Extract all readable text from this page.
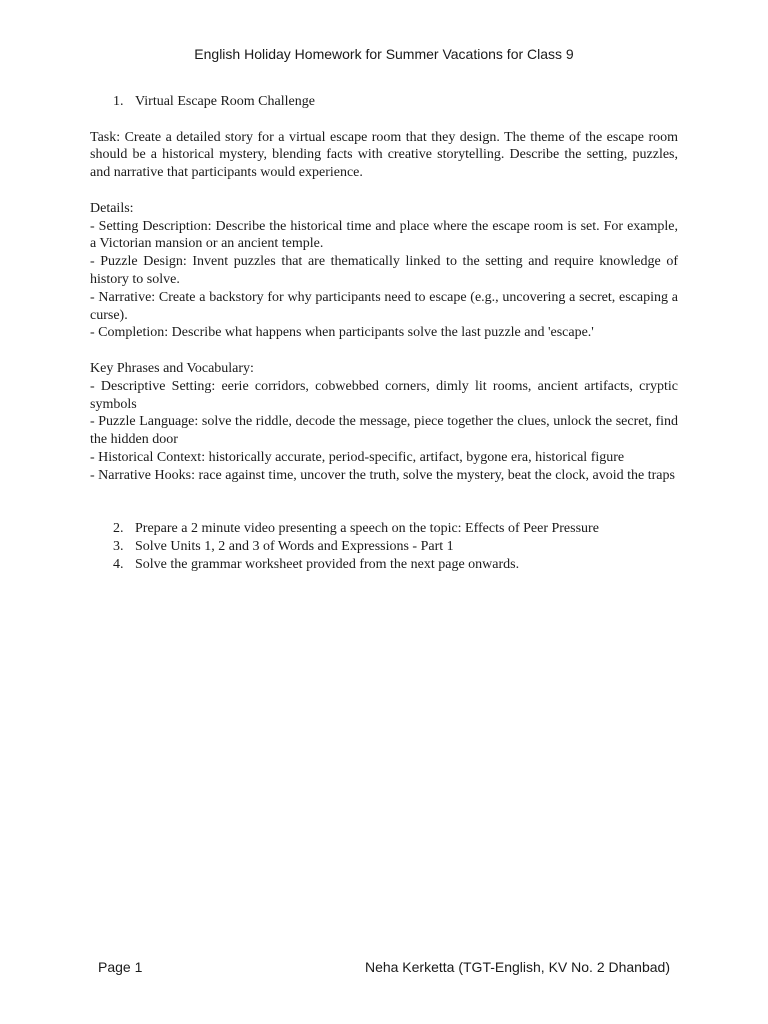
English Holiday Homework for Summer Vacations for Class 9
1. Virtual Escape Room Challenge

Task: Create a detailed story for a virtual escape room that they design. The theme of the escape room should be a historical mystery, blending facts with creative storytelling. Describe the setting, puzzles, and narrative that participants would experience.

Details:

- Setting Description: Describe the historical time and place where the escape room is set. For example, a Victorian mansion or an ancient temple.

- Puzzle Design: Invent puzzles that are thematically linked to the setting and require knowledge of history to solve.

- Narrative: Create a backstory for why participants need to escape (e.g., uncovering a secret, escaping a curse).

- Completion: Describe what happens when participants solve the last puzzle and 'escape.'

Key Phrases and Vocabulary:

- Descriptive Setting: eerie corridors, cobwebbed corners, dimly lit rooms, ancient artifacts, cryptic symbols

- Puzzle Language: solve the riddle, decode the message, piece together the clues, unlock the secret, find the hidden door

- Historical Context: historically accurate, period-specific, artifact, bygone era, historical figure

- Narrative Hooks: race against time, uncover the truth, solve the mystery, beat the clock, avoid the traps

2. Prepare a 2 minute video presenting a speech on the topic: Effects of Peer Pressure

3. Solve Units 1, 2 and 3 of Words and Expressions - Part 1

4. Solve the grammar worksheet provided from the next page onwards.

Page 1	Neha Kerketta (TGT-English, KV No. 2 Dhanbad)
